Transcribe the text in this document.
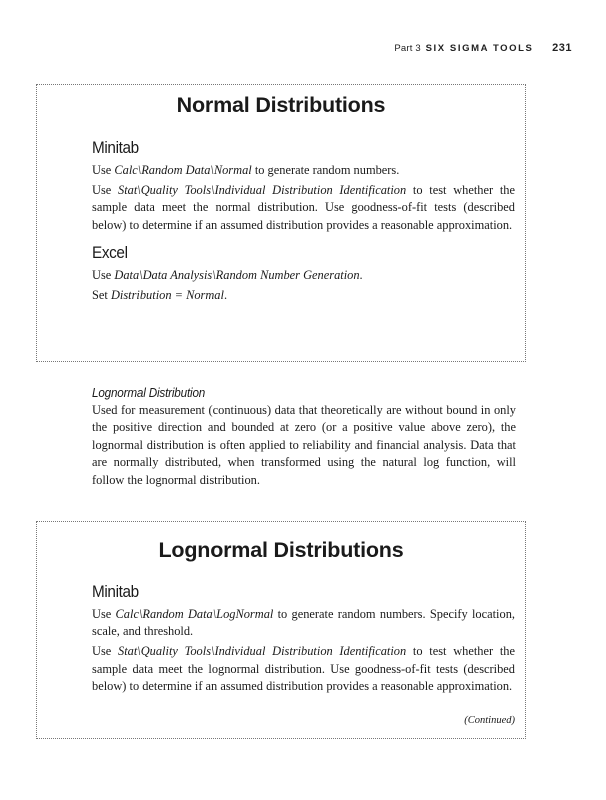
Part 3 SIX SIGMA TOOLS 231
Normal Distributions
Minitab

Use Calc\Random Data\Normal to generate random numbers.

Use Stat\Quality Tools\Individual Distribution Identification to test whether the sample data meet the normal distribution. Use goodness-of-fit tests (described below) to determine if an assumed distribution provides a reasonable approximation.

Excel

Use Data\Data Analysis\Random Number Generation.

Set Distribution = Normal.

Lognormal Distribution

Used for measurement (continuous) data that theoretically are without bound in only the positive direction and bounded at zero (or a positive value above zero), the lognormal distribution is often applied to reliability and financial analysis. Data that are normally distributed, when transformed using the natural log function, will follow the lognormal distribution.

Lognormal Distributions
Minitab

Use Calc\Random Data\LogNormal to generate random numbers. Specify location, scale, and threshold.

Use Stat\Quality Tools\Individual Distribution Identification to test whether the sample data meet the lognormal distribution. Use goodness-of-fit tests (described below) to determine if an assumed distribution provides a reasonable approximation.

(Continued)
